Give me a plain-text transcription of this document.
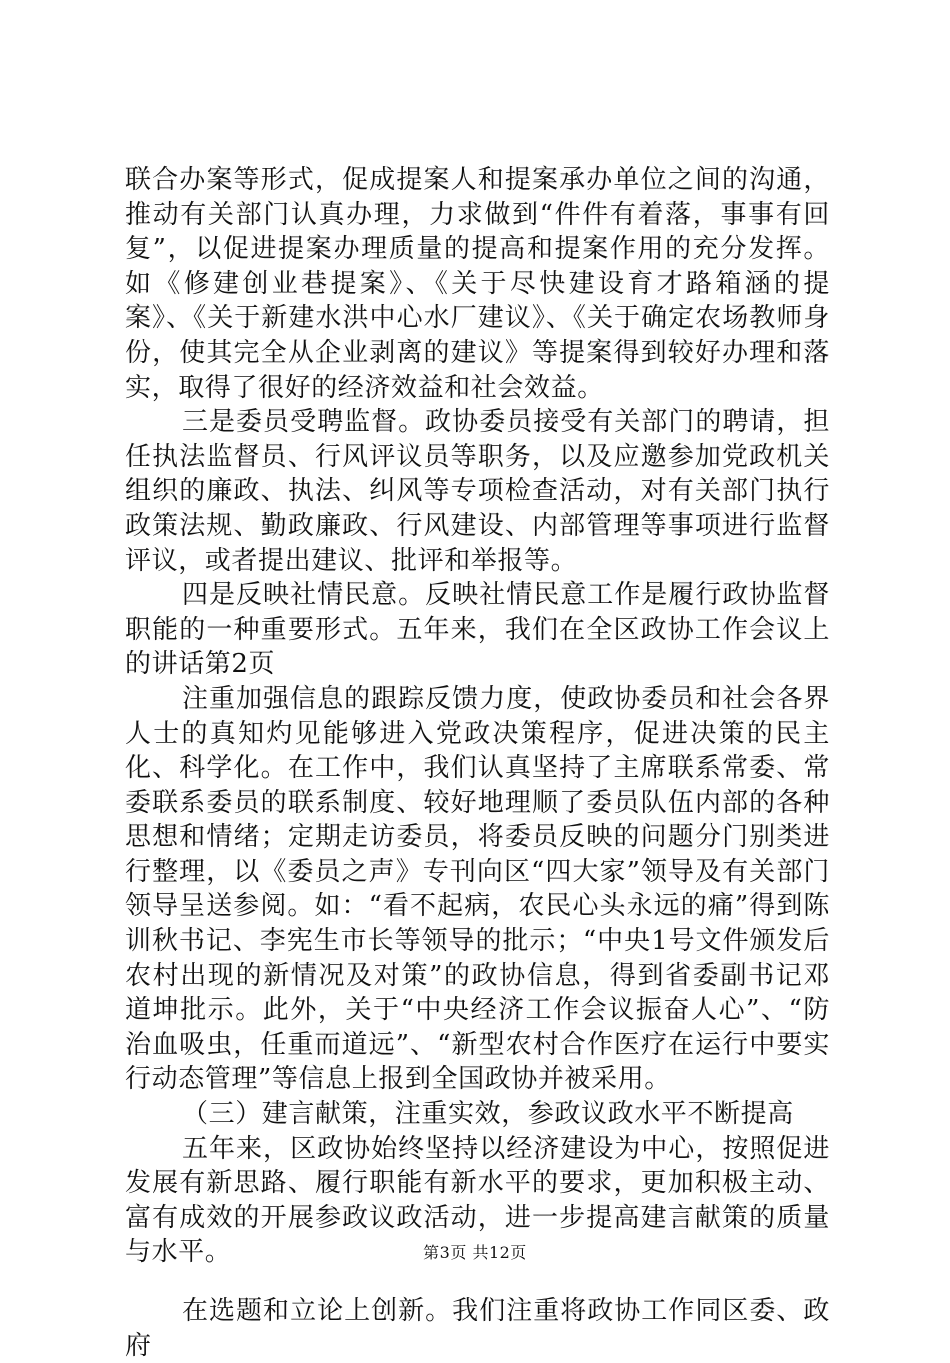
联合办案等形式，促成提案人和提案承办单位之间的沟通，推动有关部门认真办理，力求做到“件件有着落，事事有回复”，以促进提案办理质量的提高和提案作用的充分发挥。如《修建创业巷提案》、《关于尽快建设育才路箱涵的提案》、《关于新建水洪中心水厂建议》、《关于确定农场教师身份，使其完全从企业剥离的建议》等提案得到较好办理和落实，取得了很好的经济效益和社会效益。

三是委员受聘监督。政协委员接受有关部门的聘请，担任执法监督员、行风评议员等职务，以及应邀参加党政机关组织的廉政、执法、纠风等专项检查活动，对有关部门执行政策法规、勤政廉政、行风建设、内部管理等事项进行监督评议，或者提出建议、批评和举报等。

四是反映社情民意。反映社情民意工作是履行政协监督职能的一种重要形式。五年来，我们在全区政协工作会议上的讲话第2页

注重加强信息的跟踪反馈力度，使政协委员和社会各界人士的真知灼见能够进入党政决策程序，促进决策的民主化、科学化。在工作中，我们认真坚持了主席联系常委、常委联系委员的联系制度、较好地理顺了委员队伍内部的各种思想和情绪；定期走访委员，将委员反映的问题分门别类进行整理，以《委员之声》专刊向区“四大家”领导及有关部门领导呈送参阅。如：“看不起病，农民心头永远的痛”得到陈训秋书记、李宪生市长等领导的批示；“中央1号文件颁发后农村出现的新情况及对策”的政协信息，得到省委副书记邓道坤批示。此外，关于“中央经济工作会议振奋人心”、“防治血吸虫，任重而道远”、“新型农村合作医疗在运行中要实行动态管理”等信息上报到全国政协并被采用。

（三）建言献策，注重实效，参政议政水平不断提高

五年来，区政协始终坚持以经济建设为中心，按照促进发展有新思路、履行职能有新水平的要求，更加积极主动、富有成效的开展参政议政活动，进一步提高建言献策的质量与水平。

在选题和立论上创新。我们注重将政协工作同区委、政府

第3页 共12页
